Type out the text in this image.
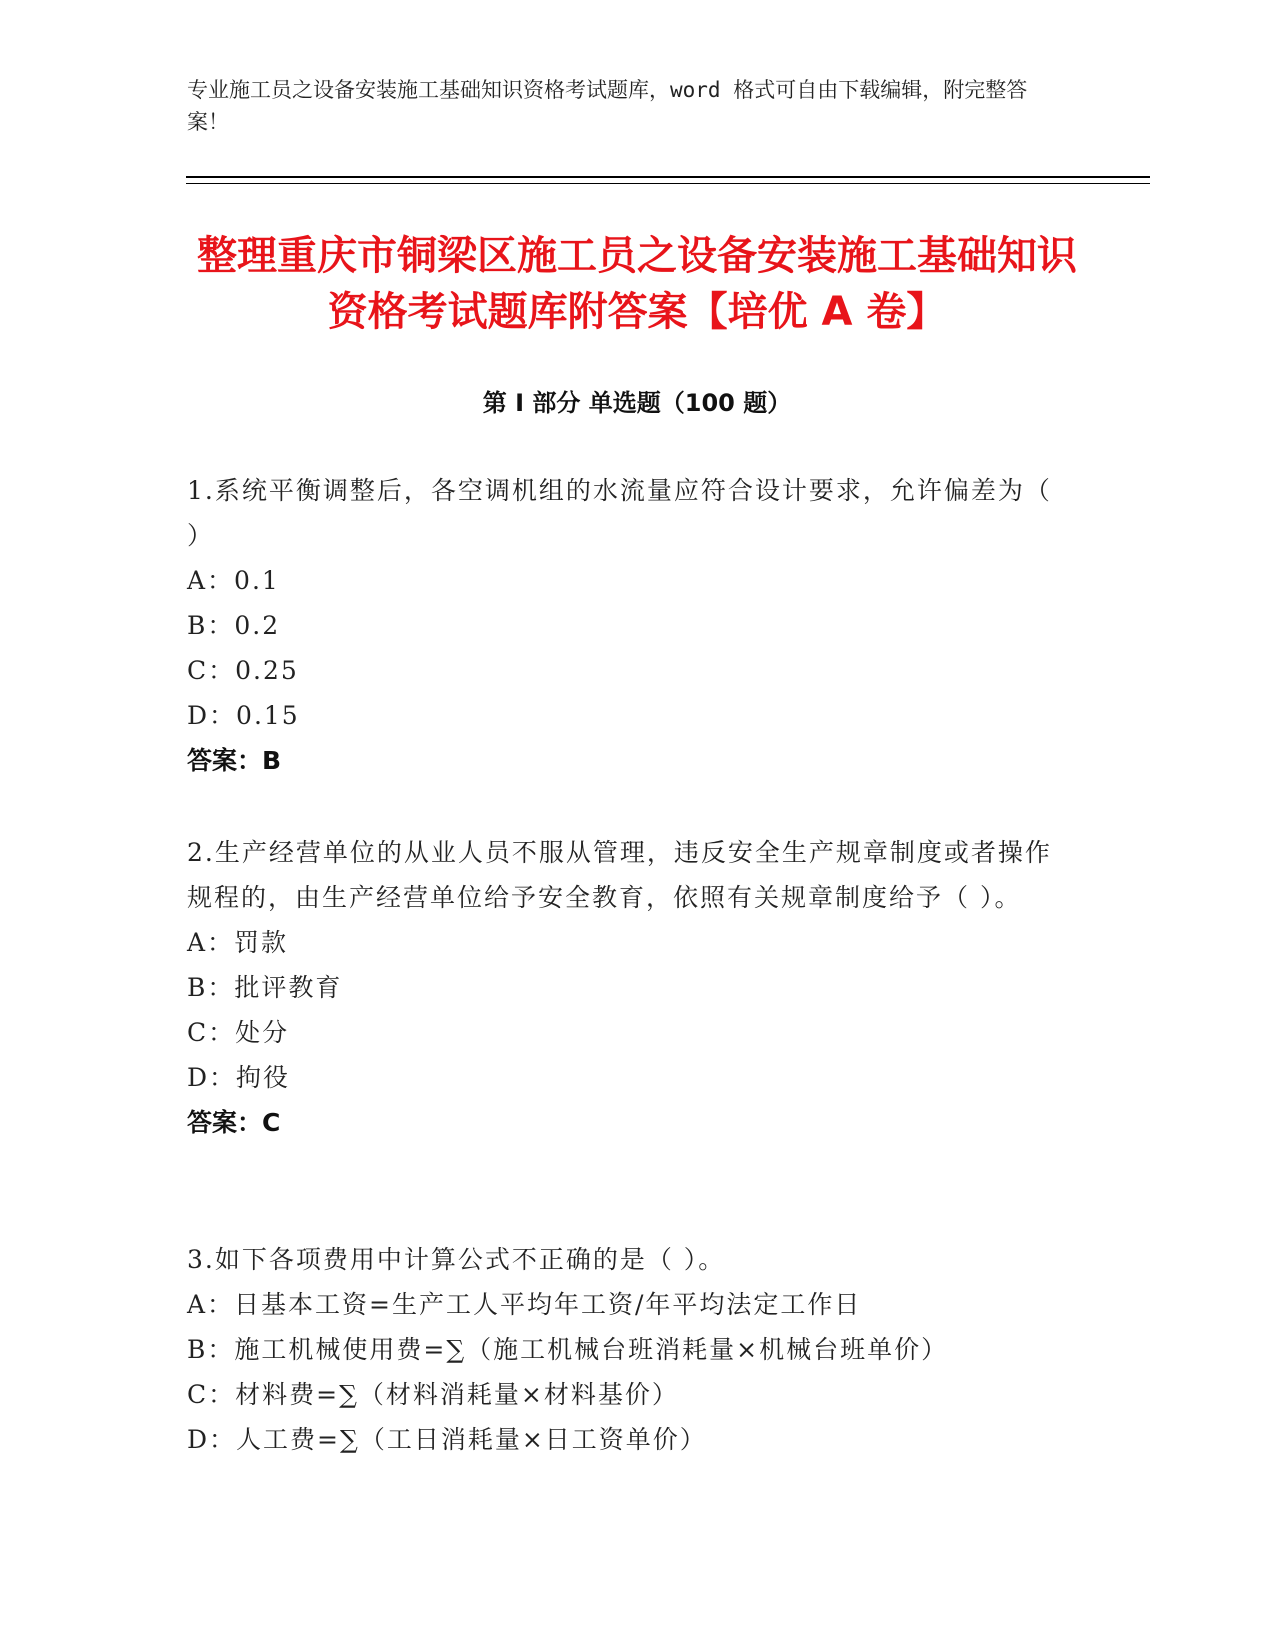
专业施工员之设备安装施工基础知识资格考试题库，word 格式可自由下载编辑，附完整答案！
整理重庆市铜梁区施工员之设备安装施工基础知识资格考试题库附答案【培优 A 卷】
第 I 部分 单选题（100 题）
1.系统平衡调整后，各空调机组的水流量应符合设计要求，允许偏差为（ ）
A：0.1
B：0.2
C：0.25
D：0.15
答案：B
2.生产经营单位的从业人员不服从管理，违反安全生产规章制度或者操作规程的，由生产经营单位给予安全教育，依照有关规章制度给予（ ）。
A：罚款
B：批评教育
C：处分
D：拘役
答案：C
3.如下各项费用中计算公式不正确的是（ ）。
A：日基本工资=生产工人平均年工资/年平均法定工作日
B：施工机械使用费=∑（施工机械台班消耗量×机械台班单价）
C：材料费=∑（材料消耗量×材料基价）
D：人工费=∑（工日消耗量×日工资单价）
